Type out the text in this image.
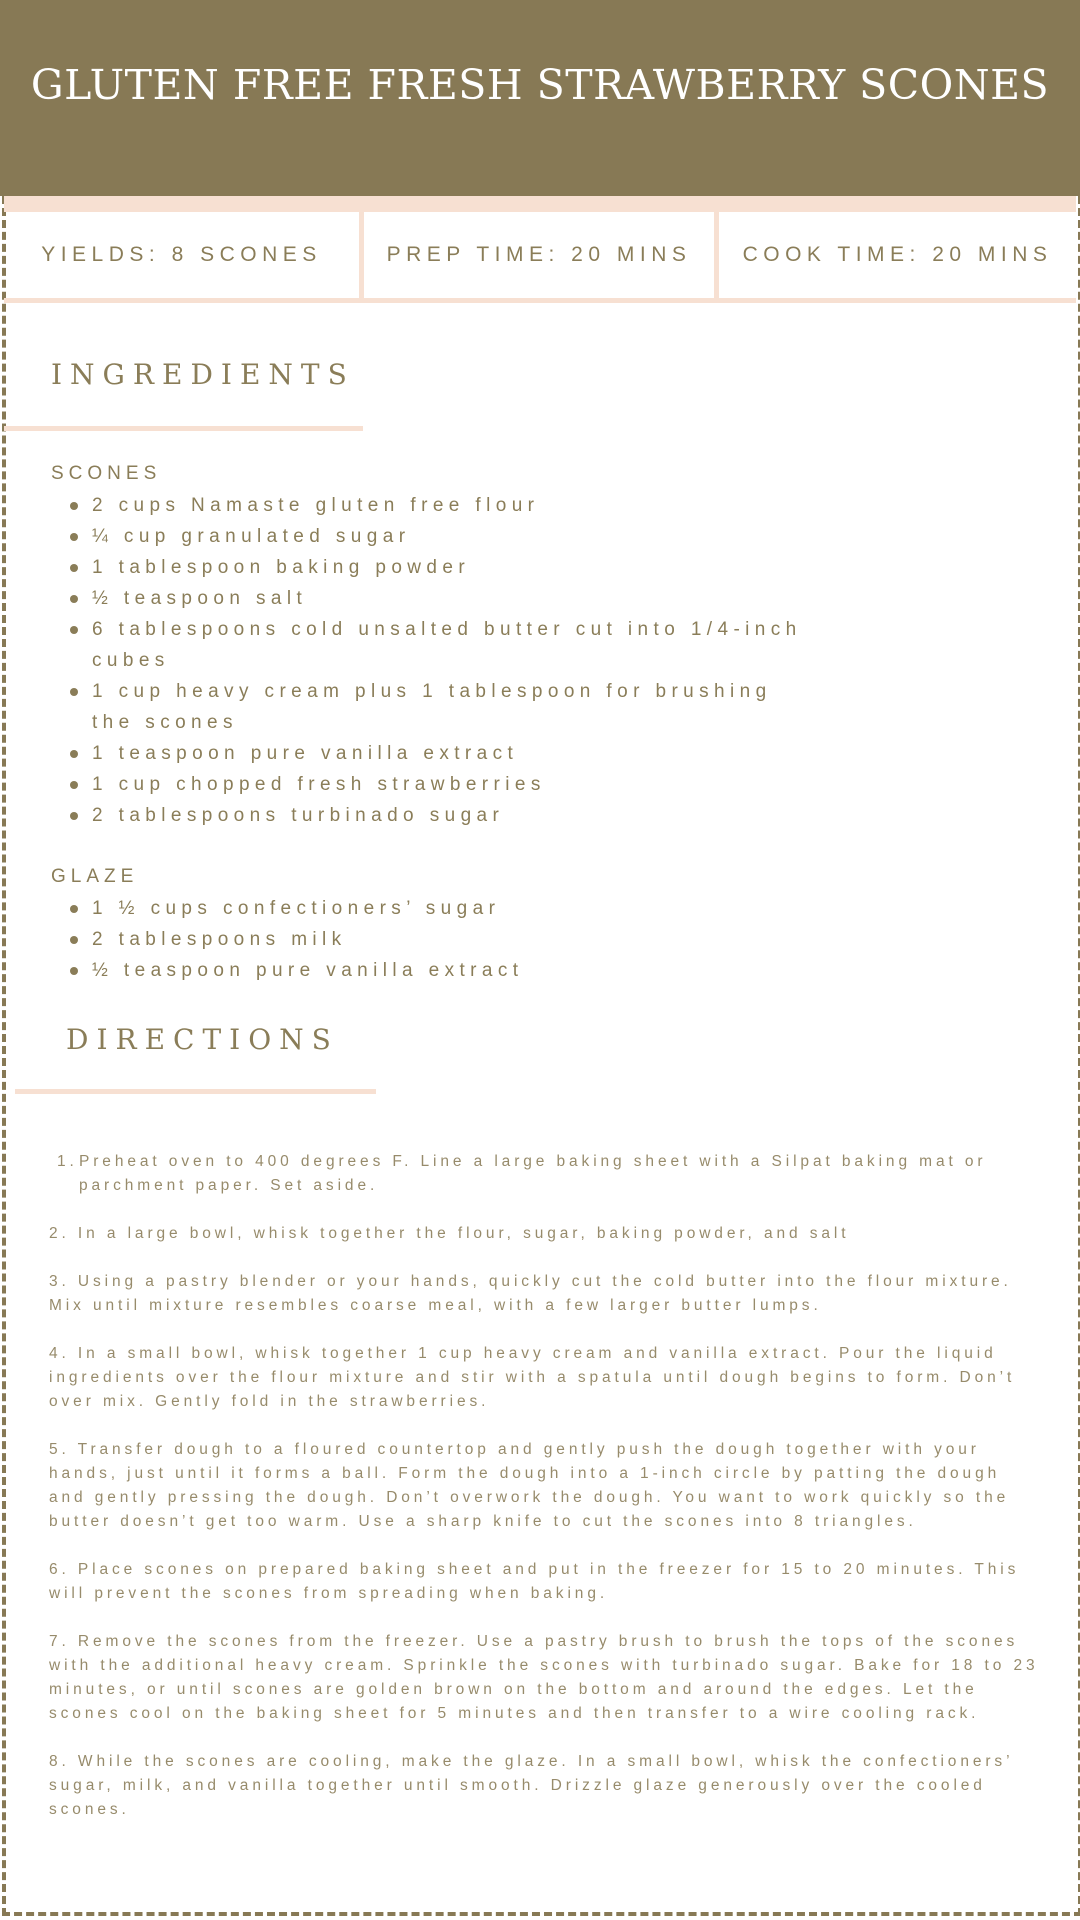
GLUTEN FREE FRESH STRAWBERRY SCONES
YIELDS: 8 SCONES	PREP TIME: 20 MINS	COOK TIME: 20 MINS
INGREDIENTS
SCONES
2 cups Namaste gluten free flour
¼ cup granulated sugar
1 tablespoon baking powder
½ teaspoon salt
6 tablespoons cold unsalted butter cut into 1/4-inch cubes
1 cup heavy cream plus 1 tablespoon for brushing the scones
1 teaspoon pure vanilla extract
1 cup chopped fresh strawberries
2 tablespoons turbinado sugar
GLAZE
1 ½ cups confectioners’ sugar
2 tablespoons milk
½ teaspoon pure vanilla extract
DIRECTIONS
1. Preheat oven to 400 degrees F. Line a large baking sheet with a Silpat baking mat or parchment paper. Set aside.
2. In a large bowl, whisk together the flour, sugar, baking powder, and salt
3. Using a pastry blender or your hands, quickly cut the cold butter into the flour mixture. Mix until mixture resembles coarse meal, with a few larger butter lumps.
4. In a small bowl, whisk together 1 cup heavy cream and vanilla extract. Pour the liquid ingredients over the flour mixture and stir with a spatula until dough begins to form. Don’t over mix. Gently fold in the strawberries.
5. Transfer dough to a floured countertop and gently push the dough together with your hands, just until it forms a ball. Form the dough into a 1-inch circle by patting the dough and gently pressing the dough. Don’t overwork the dough. You want to work quickly so the butter doesn’t get too warm. Use a sharp knife to cut the scones into 8 triangles.
6. Place scones on prepared baking sheet and put in the freezer for 15 to 20 minutes. This will prevent the scones from spreading when baking.
7. Remove the scones from the freezer. Use a pastry brush to brush the tops of the scones with the additional heavy cream. Sprinkle the scones with turbinado sugar. Bake for 18 to 23 minutes, or until scones are golden brown on the bottom and around the edges. Let the scones cool on the baking sheet for 5 minutes and then transfer to a wire cooling rack.
8. While the scones are cooling, make the glaze. In a small bowl, whisk the confectioners’ sugar, milk, and vanilla together until smooth. Drizzle glaze generously over the cooled scones.
